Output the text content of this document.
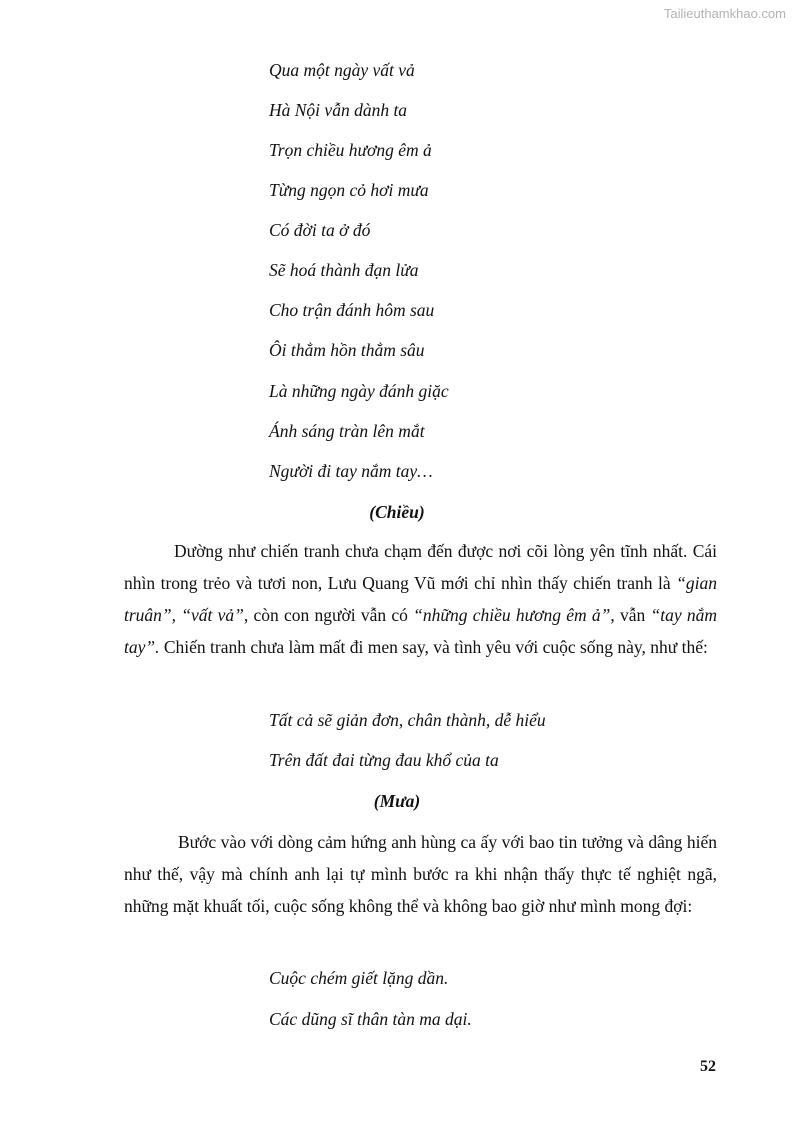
Tailieuthamkhao.com

Qua một ngày vất vả

Hà Nội vẫn dành ta

Trọn chiều hương êm ả

Từng ngọn cỏ hơi mưa

Có đời ta ở đó

Sẽ hoá thành đạn lửa

Cho trận đánh hôm sau

Ôi thẳm hồn thẳm sâu

Là những ngày đánh giặc

Ánh sáng tràn lên mắt

Người đi tay nắm tay…

(Chiều)

Dường như chiến tranh chưa chạm đến được nơi cõi lòng yên tĩnh nhất. Cái nhìn trong trẻo và tươi non, Lưu Quang Vũ mới chỉ nhìn thấy chiến tranh là “gian truân”, “vất vả”, còn con người vẫn có “những chiều hương êm ả”, vẫn “tay nắm tay”. Chiến tranh chưa làm mất đi men say, và tình yêu với cuộc sống này, như thế:

Tất cả sẽ giản đơn, chân thành, dễ hiểu

Trên đất đai từng đau khổ của ta

(Mưa)

Bước vào với dòng cảm hứng anh hùng ca ấy với bao tin tưởng và dâng hiến như thế, vậy mà chính anh lại tự mình bước ra khi nhận thấy thực tế nghiệt ngã, những mặt khuất tối, cuộc sống không thể và không bao giờ như mình mong đợi:

Cuộc chém giết lặng dần.

Các dũng sĩ thân tàn ma dại.

52
